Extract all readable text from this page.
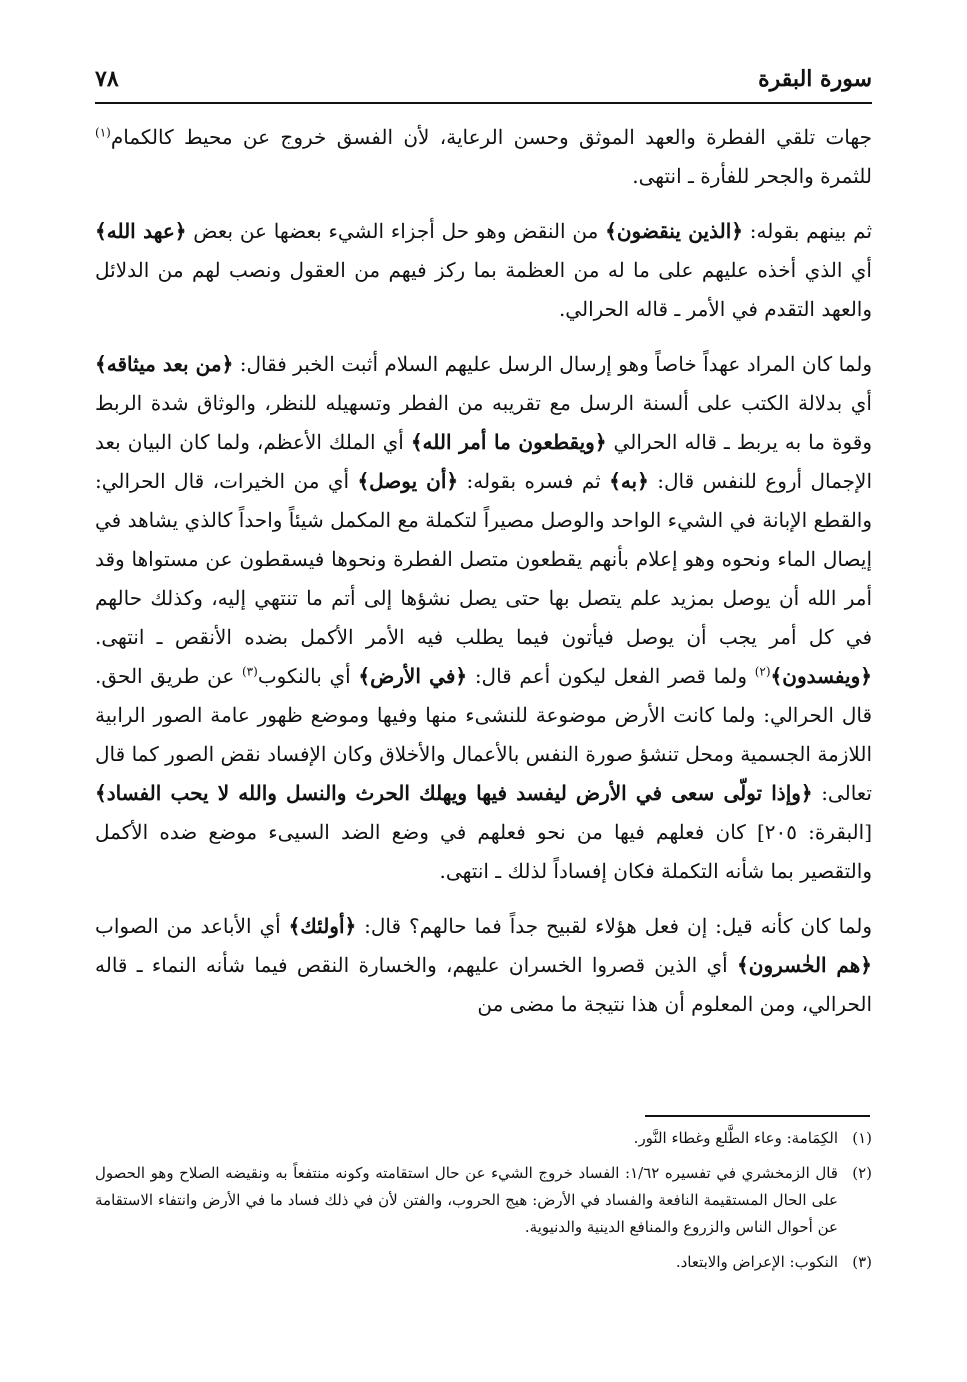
٧٨	سورة البقرة

جهات تلقي الفطرة والعهد الموثق وحسن الرعاية، لأن الفسق خروج عن محيط كالكمام$^{(١)}$ للثمرة والجحر للفأرة ـ انتهى.

ثم بينهم بقوله: ﴿الذين ينقضون﴾ من النقض وهو حل أجزاء الشيء بعضها عن بعض ﴿عهد الله﴾ أي الذي أخذه عليهم على ما له من العظمة بما ركز فيهم من العقول ونصب لهم من الدلائل والعهد التقدم في الأمر ـ قاله الحرالي.

ولما كان المراد عهداً خاصاً وهو إرسال الرسل عليهم السلام أثبت الخبر فقال: ﴿من بعد ميثاقه﴾ أي بدلالة الكتب على ألسنة الرسل مع تقريبه من الفطر وتسهيله للنظر، والوثاق شدة الربط وقوة ما به يربط ـ قاله الحرالي ﴿ويقطعون ما أمر الله﴾ أي الملك الأعظم، ولما كان البيان بعد الإجمال أروع للنفس قال: ﴿به﴾ ثم فسره بقوله: ﴿أن يوصل﴾ أي من الخيرات، قال الحرالي: والقطع الإبانة في الشيء الواحد والوصل مصيراً لتكملة مع المكمل شيئاً واحداً كالذي يشاهد في إيصال الماء ونحوه وهو إعلام بأنهم يقطعون متصل الفطرة ونحوها فيسقطون عن مستواها وقد أمر الله أن يوصل بمزيد علم يتصل بها حتى يصل نشؤها إلى أتم ما تنتهي إليه، وكذلك حالهم في كل أمر يجب أن يوصل فيأتون فيما يطلب فيه الأمر الأكمل بضده الأنقص ـ انتهى. ﴿ويفسدون﴾$^{(٢)}$ ولما قصر الفعل ليكون أعم قال: ﴿في الأرض﴾ أي بالنكوب$^{(٣)}$ عن طريق الحق. قال الحرالي: ولما كانت الأرض موضوعة للنشىء منها وفيها وموضع ظهور عامة الصور الرابية اللازمة الجسمية ومحل تنشؤ صورة النفس بالأعمال والأخلاق وكان الإفساد نقض الصور كما قال تعالى: ﴿وإذا تولّى سعى في الأرض ليفسد فيها ويهلك الحرث والنسل والله لا يحب الفساد﴾ [البقرة: ٢٠٥] كان فعلهم فيها من نحو فعلهم في وضع الضد السيىء موضع ضده الأكمل والتقصير بما شأنه التكملة فكان إفساداً لذلك ـ انتهى.

ولما كان كأنه قيل: إن فعل هؤلاء لقبيح جداً فما حالهم؟ قال: ﴿أولئك﴾ أي الأباعد من الصواب ﴿هم الخٰسرون﴾ أي الذين قصروا الخسران عليهم، والخسارة النقص فيما شأنه النماء ـ قاله الحرالي، ومن المعلوم أن هذا نتيجة ما مضى من

(١)
الكِمَامة: وعاء الطَّلع وغطاء النَّور.
(٢)
قال الزمخشري في تفسيره ١/٦٢: الفساد خروج الشيء عن حال استقامته وكونه منتفعاً به ونقيضه الصلاح وهو الحصول على الحال المستقيمة النافعة والفساد في الأرض: هيج الحروب، والفتن لأن في ذلك فساد ما في الأرض وانتفاء الاستقامة عن أحوال الناس والزروع والمنافع الدينية والدنيوية.
(٣)
النكوب: الإعراض والابتعاد.
